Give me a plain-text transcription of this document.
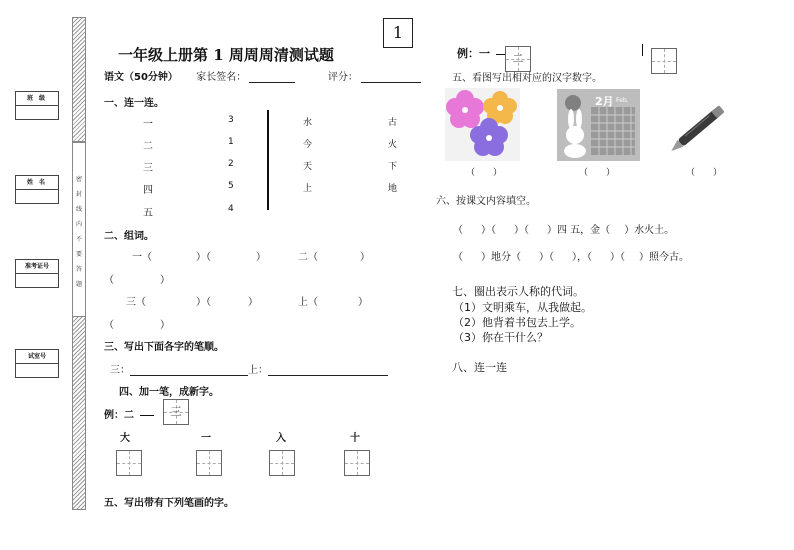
1
班 级
姓 名
准考证号
试室号
密
封
线
内
不
要
答
题
一年级上册第 1 周周周清测试题
语文（50分钟） 家长签名：	评分：
一、连一连。
一
二
三
四
五
3
1
2
5
4
水
今
天
上
古
火
下
地
二、组词。
一（	）（	）	二（	）
（	）
三（	）（	）	上（	）
（	）
三、写出下面各字的笔顺。
三：	上：
四、加一笔，成新字。
例：二	三
大	一	入	十
五、写出带有下列笔画的字。
例：一	二
五、看图写出相对应的汉字数字。
2月 Feb.
（　　）	（　　）	（　　）
六、按课文内容填空。
（ ）（ ）（ ）四 五，金（ ）水火土。
（ ）地分（ ）（ ），（ ）（ ）照今古。
七、圈出表示人称的代词。
（1）文明乘车，从我做起。
（2）他背着书包去上学。
（3）你在干什么？
八、连一连
